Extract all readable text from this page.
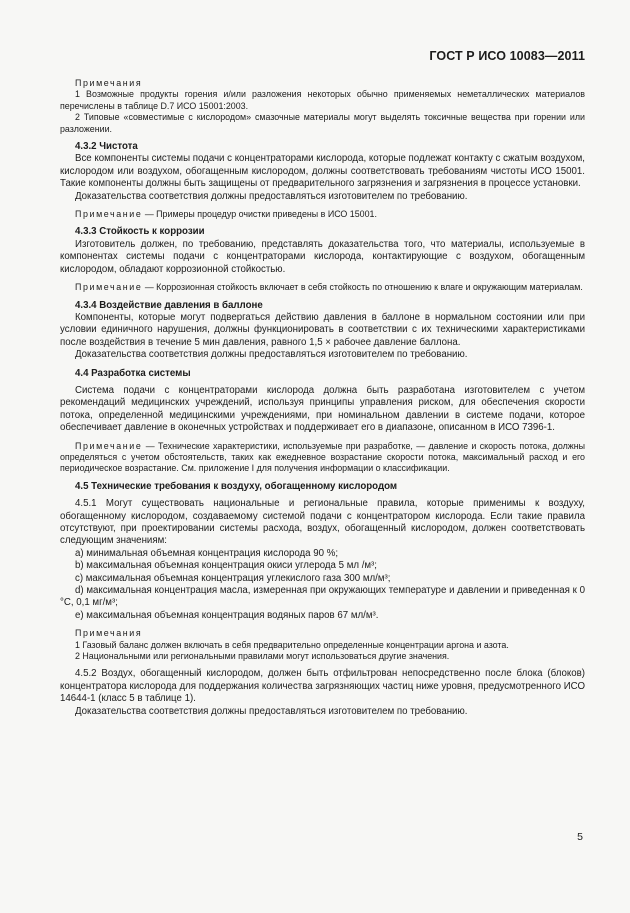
ГОСТ Р ИСО 10083—2011
Примечания

1 Возможные продукты горения и/или разложения некоторых обычно применяемых неметаллических материалов перечислены в таблице D.7 ИСО 15001:2003.

2 Типовые «совместимые с кислородом» смазочные материалы могут выделять токсичные вещества при горении или разложении.

4.3.2 Чистота

Все компоненты системы подачи с концентраторами кислорода, которые подлежат контакту с сжатым воздухом, кислородом или воздухом, обогащенным кислородом, должны соответствовать требованиям чистоты ИСО 15001. Такие компоненты должны быть защищены от предварительного загрязнения и загрязнения в процессе установки.

Доказательства соответствия должны предоставляться изготовителем по требованию.

Примечание — Примеры процедур очистки приведены в ИСО 15001.

4.3.3 Стойкость к коррозии

Изготовитель должен, по требованию, представлять доказательства того, что материалы, используемые в компонентах системы подачи с концентраторами кислорода, контактирующие с воздухом, обогащенным кислородом, обладают коррозионной стойкостью.

Примечание — Коррозионная стойкость включает в себя стойкость по отношению к влаге и окружающим материалам.

4.3.4 Воздействие давления в баллоне

Компоненты, которые могут подвергаться действию давления в баллоне в нормальном состоянии или при условии единичного нарушения, должны функционировать в соответствии с их техническими характеристиками после воздействия в течение 5 мин давления, равного 1,5 × рабочее давление баллона.

Доказательства соответствия должны предоставляться изготовителем по требованию.

4.4 Разработка системы

Система подачи с концентраторами кислорода должна быть разработана изготовителем с учетом рекомендаций медицинских учреждений, используя принципы управления риском, для обеспечения скорости потока, определенной медицинскими учреждениями, при номинальном давлении в системе подачи, которое обеспечивает давление в оконечных устройствах и поддерживает его в диапазоне, описанном в ИСО 7396-1.

Примечание — Технические характеристики, используемые при разработке, — давление и скорость потока, должны определяться с учетом обстоятельств, таких как ежедневное возрастание скорости потока, максимальный расход и его периодическое возрастание. См. приложение I для получения информации о классификации.

4.5 Технические требования к воздуху, обогащенному кислородом

4.5.1 Могут существовать национальные и региональные правила, которые применимы к воздуху, обогащенному кислородом, создаваемому системой подачи с концентратором кислорода. Если такие правила отсутствуют, при проектировании системы расхода, воздух, обогащенный кислородом, должен соответствовать следующим значениям:

a) минимальная объемная концентрация кислорода 90 %;

b) максимальная объемная концентрация окиси углерода 5 мл /м³;

c) максимальная объемная концентрация углекислого газа 300 мл/м³;

d) максимальная концентрация масла, измеренная при окружающих температуре и давлении и приведенная к 0 °C, 0,1 мг/м³;

e) максимальная объемная концентрация водяных паров 67 мл/м³.

Примечания

1 Газовый баланс должен включать в себя предварительно определенные концентрации аргона и азота.

2 Национальными или региональными правилами могут использоваться другие значения.

4.5.2 Воздух, обогащенный кислородом, должен быть отфильтрован непосредственно после блока (блоков) концентратора кислорода для поддержания количества загрязняющих частиц ниже уровня, предусмотренного ИСО 14644-1 (класс 5 в таблице 1).

Доказательства соответствия должны предоставляться изготовителем по требованию.

5
